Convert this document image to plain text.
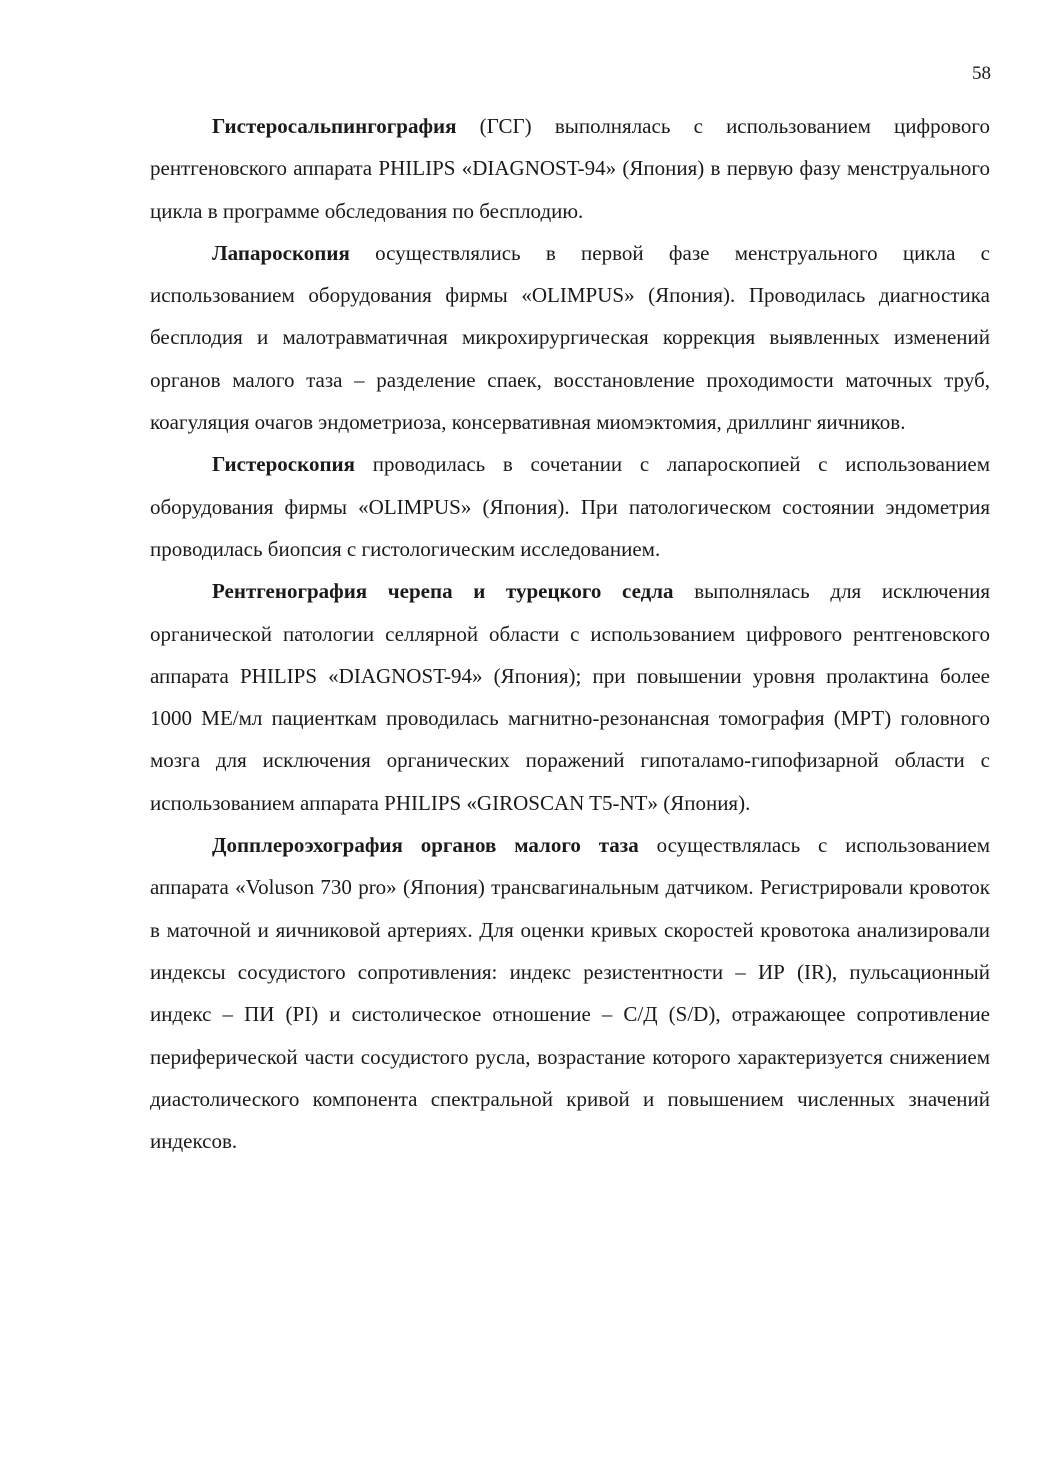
58

Гистеросальпингография (ГСГ) выполнялась с использованием цифрового рентгеновского аппарата PHILIPS «DIAGNOST-94» (Япония) в первую фазу менструального цикла в программе обследования по бесплодию.

Лапароскопия осуществлялись в первой фазе менструального цикла с использованием оборудования фирмы «OLIMPUS» (Япония). Проводилась диагностика бесплодия и малотравматичная микрохирургическая коррекция выявленных изменений органов малого таза – разделение спаек, восстановление проходимости маточных труб, коагуляция очагов эндометриоза, консервативная миомэктомия, дриллинг яичников.

Гистероскопия проводилась в сочетании с лапароскопией с использованием оборудования фирмы «OLIMPUS» (Япония). При патологическом состоянии эндометрия проводилась биопсия с гистологическим исследованием.

Рентгенография черепа и турецкого седла выполнялась для исключения органической патологии селлярной области с использованием цифрового рентгеновского аппарата PHILIPS «DIAGNOST-94» (Япония); при повышении уровня пролактина более 1000 МЕ/мл пациенткам проводилась магнитно-резонансная томография (МРТ) головного мозга для исключения органических поражений гипоталамо-гипофизарной области с использованием аппарата PHILIPS «GIROSCAN T5-NT» (Япония).

Допплероэхография органов малого таза осуществлялась с использованием аппарата «Voluson 730 pro» (Япония) трансвагинальным датчиком. Регистрировали кровоток в маточной и яичниковой артериях. Для оценки кривых скоростей кровотока анализировали индексы сосудистого сопротивления: индекс резистентности – ИР (IR), пульсационный индекс – ПИ (PI) и систолическое отношение – С/Д (S/D), отражающее сопротивление периферической части сосудистого русла, возрастание которого характеризуется снижением диастолического компонента спектральной кривой и повышением численных значений индексов.
